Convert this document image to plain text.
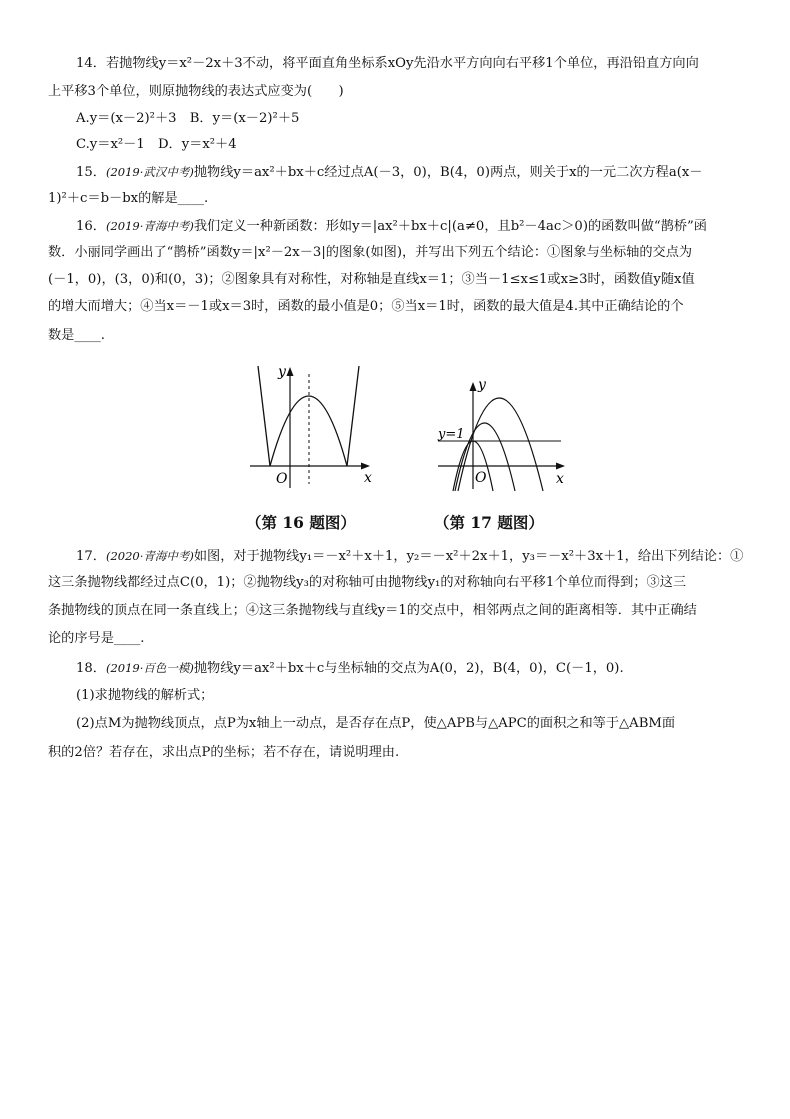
14．若抛物线y＝x²－2x＋3不动，将平面直角坐标系xOy先沿水平方向向右平移1个单位，再沿铅直方向向
上平移3个单位，则原抛物线的表达式应变为(　　)
A.y＝(x－2)²＋3　B．y＝(x－2)²＋5
C.y＝x²－1　D．y＝x²＋4
15．(2019·武汉中考)抛物线y＝ax²＋bx＋c经过点A(－3，0)，B(4，0)两点，则关于x的一元二次方程a(x－
1)²＋c＝b－bx的解是____.
16．(2019·青海中考)我们定义一种新函数：形如y＝|ax²＋bx＋c|(a≠0，且b²－4ac＞0)的函数叫做“鹊桥”函
数．小丽同学画出了“鹊桥”函数y＝|x²－2x－3|的图象(如图)，并写出下列五个结论：①图象与坐标轴的交点为
(－1，0)，(3，0)和(0，3)；②图象具有对称性，对称轴是直线x＝1；③当－1≤x≤1或x≥3时，函数值y随x值
的增大而增大；④当x＝－1或x＝3时，函数的最小值是0；⑤当x＝1时，函数的最大值是4.其中正确结论的个
数是____.
y
x
O
y=1
y
x
O
（第 16 题图）	（第 17 题图）
17．(2020·青海中考)如图，对于抛物线y₁＝－x²＋x＋1，y₂＝－x²＋2x＋1，y₃＝－x²＋3x＋1，给出下列结论：①
这三条抛物线都经过点C(0，1)；②抛物线y₃的对称轴可由抛物线y₁的对称轴向右平移1个单位而得到；③这三
条抛物线的顶点在同一条直线上；④这三条抛物线与直线y＝1的交点中，相邻两点之间的距离相等．其中正确结
论的序号是____.
18．(2019·百色一模)抛物线y＝ax²＋bx＋c与坐标轴的交点为A(0，2)，B(4，0)，C(－1，0).
(1)求抛物线的解析式；
(2)点M为抛物线顶点，点P为x轴上一动点，是否存在点P，使△APB与△APC的面积之和等于△ABM面
积的2倍？若存在，求出点P的坐标；若不存在，请说明理由.
